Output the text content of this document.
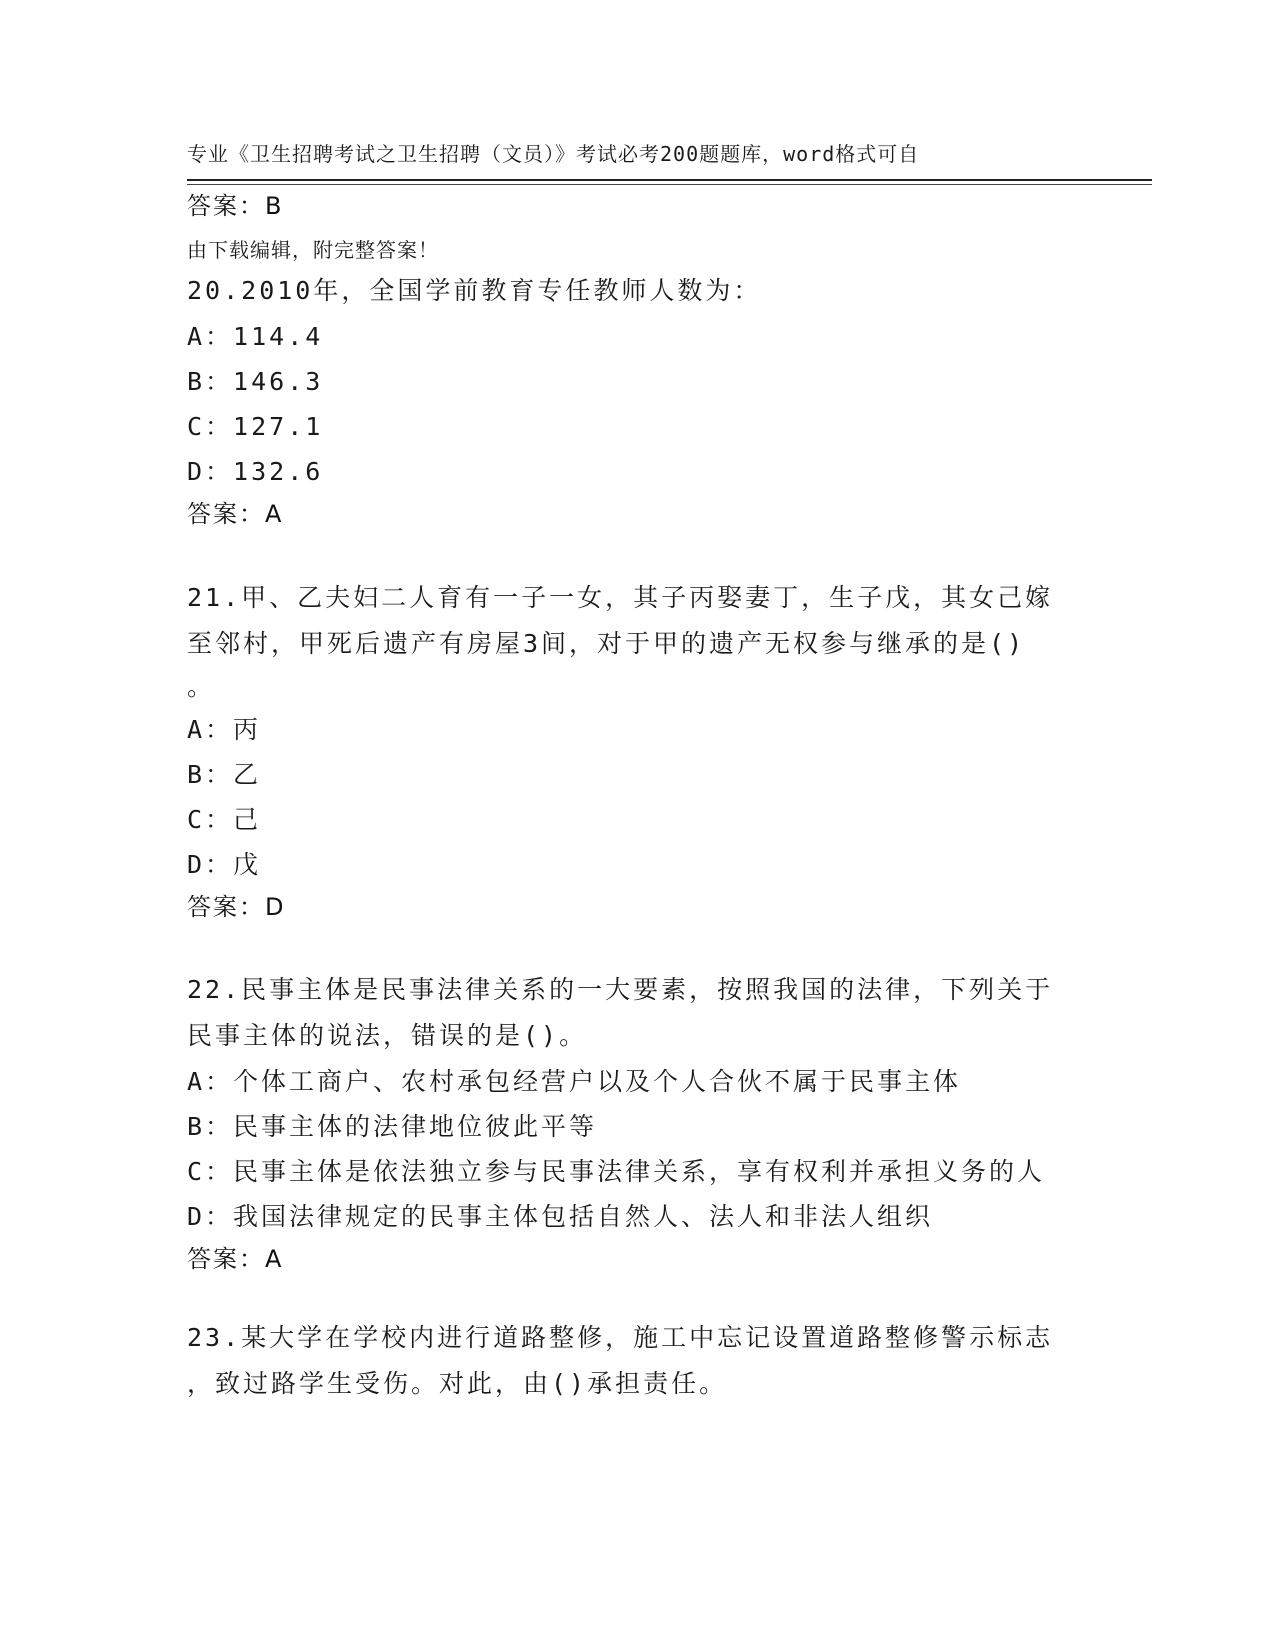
专业《卫生招聘考试之卫生招聘（文员）》考试必考200题题库，word格式可自

由下载编辑，附完整答案！

答案：B
20.2010年，全国学前教育专任教师人数为：
A：114.4
B：146.3
C：127.1
D：132.6
答案：A
21.甲、乙夫妇二人育有一子一女，其子丙娶妻丁，生子戊，其女己嫁
至邻村，甲死后遗产有房屋3间，对于甲的遗产无权参与继承的是()
。
A：丙
B：乙
C：己
D：戊
答案：D
22.民事主体是民事法律关系的一大要素，按照我国的法律，下列关于
民事主体的说法，错误的是()。
A：个体工商户、农村承包经营户以及个人合伙不属于民事主体
B：民事主体的法律地位彼此平等
C：民事主体是依法独立参与民事法律关系，享有权利并承担义务的人
D：我国法律规定的民事主体包括自然人、法人和非法人组织
答案：A
23.某大学在学校内进行道路整修，施工中忘记设置道路整修警示标志
，致过路学生受伤。对此，由()承担责任。
